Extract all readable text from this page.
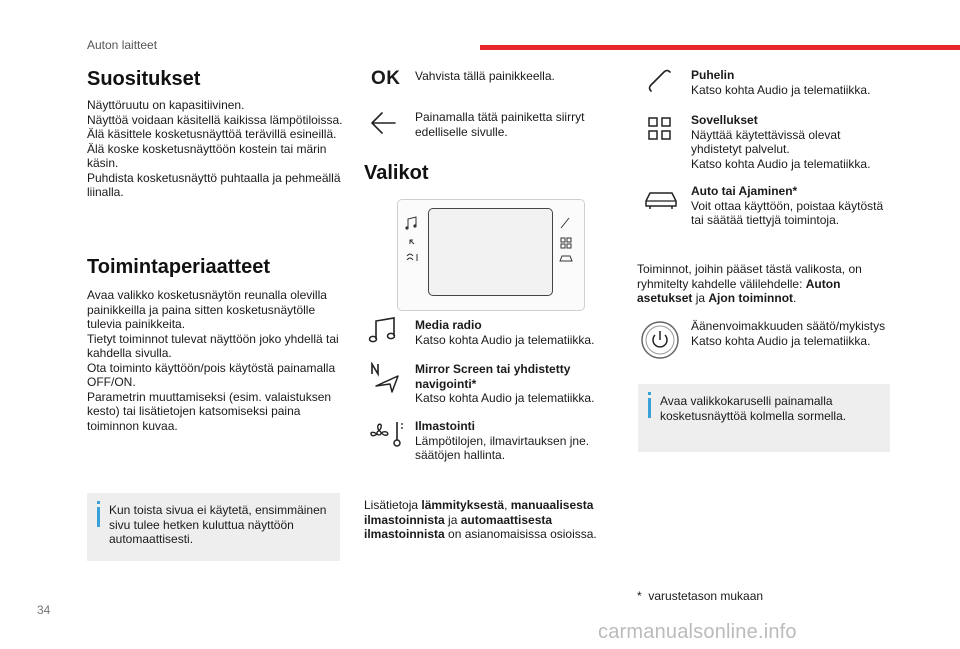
Auton laitteet
Suositukset

Näyttöruutu on kapasitiivinen.

Näyttöä voidaan käsitellä kaikissa lämpötiloissa.

Älä käsittele kosketusnäyttöä terävillä esineillä.

Älä koske kosketusnäyttöön kostein tai märin käsin.

Puhdista kosketusnäyttö puhtaalla ja pehmeällä liinalla.

Toimintaperiaatteet

Avaa valikko kosketusnäytön reunalla olevilla painikkeilla ja paina sitten kosketusnäytölle tulevia painikkeita.

Tietyt toiminnot tulevat näyttöön joko yhdellä tai kahdella sivulla.

Ota toiminto käyttöön/pois käytöstä painamalla OFF/ON.

Parametrin muuttamiseksi (esim. valaistuksen kesto) tai lisätietojen katsomiseksi paina toiminnon kuvaa.

Kun toista sivua ei käytetä, ensimmäinen sivu tulee hetken kuluttua näyttöön automaattisesti.
OK Vahvista tällä painikkeella.
Painamalla tätä painiketta siirryt edelliselle sivulle.
Valikot
Media radio
Katso kohta Audio ja telematiikka.
Mirror Screen tai yhdistetty navigointi*
Katso kohta Audio ja telematiikka.
Ilmastointi
Lämpötilojen, ilmavirtauksen jne. säätöjen hallinta.
Lisätietoja lämmityksestä, manuaalisesta ilmastoinnista ja automaattisesta ilmastoinnista on asianomaisissa osioissa.
Puhelin
Katso kohta Audio ja telematiikka.
Sovellukset
Näyttää käytettävissä olevat yhdistetyt palvelut.
Katso kohta Audio ja telematiikka.
Auto tai Ajaminen*
Voit ottaa käyttöön, poistaa käytöstä tai säätää tiettyjä toimintoja.
Toiminnot, joihin pääset tästä valikosta, on ryhmitelty kahdelle välilehdelle: Auton asetukset ja Ajon toiminnot.
Äänenvoimakkuuden säätö/mykistys
Katso kohta Audio ja telematiikka.
Avaa valikkokaruselli painamalla kosketusnäyttöä kolmella sormella.
* varustetason mukaan
34
carmanualsonline.info
